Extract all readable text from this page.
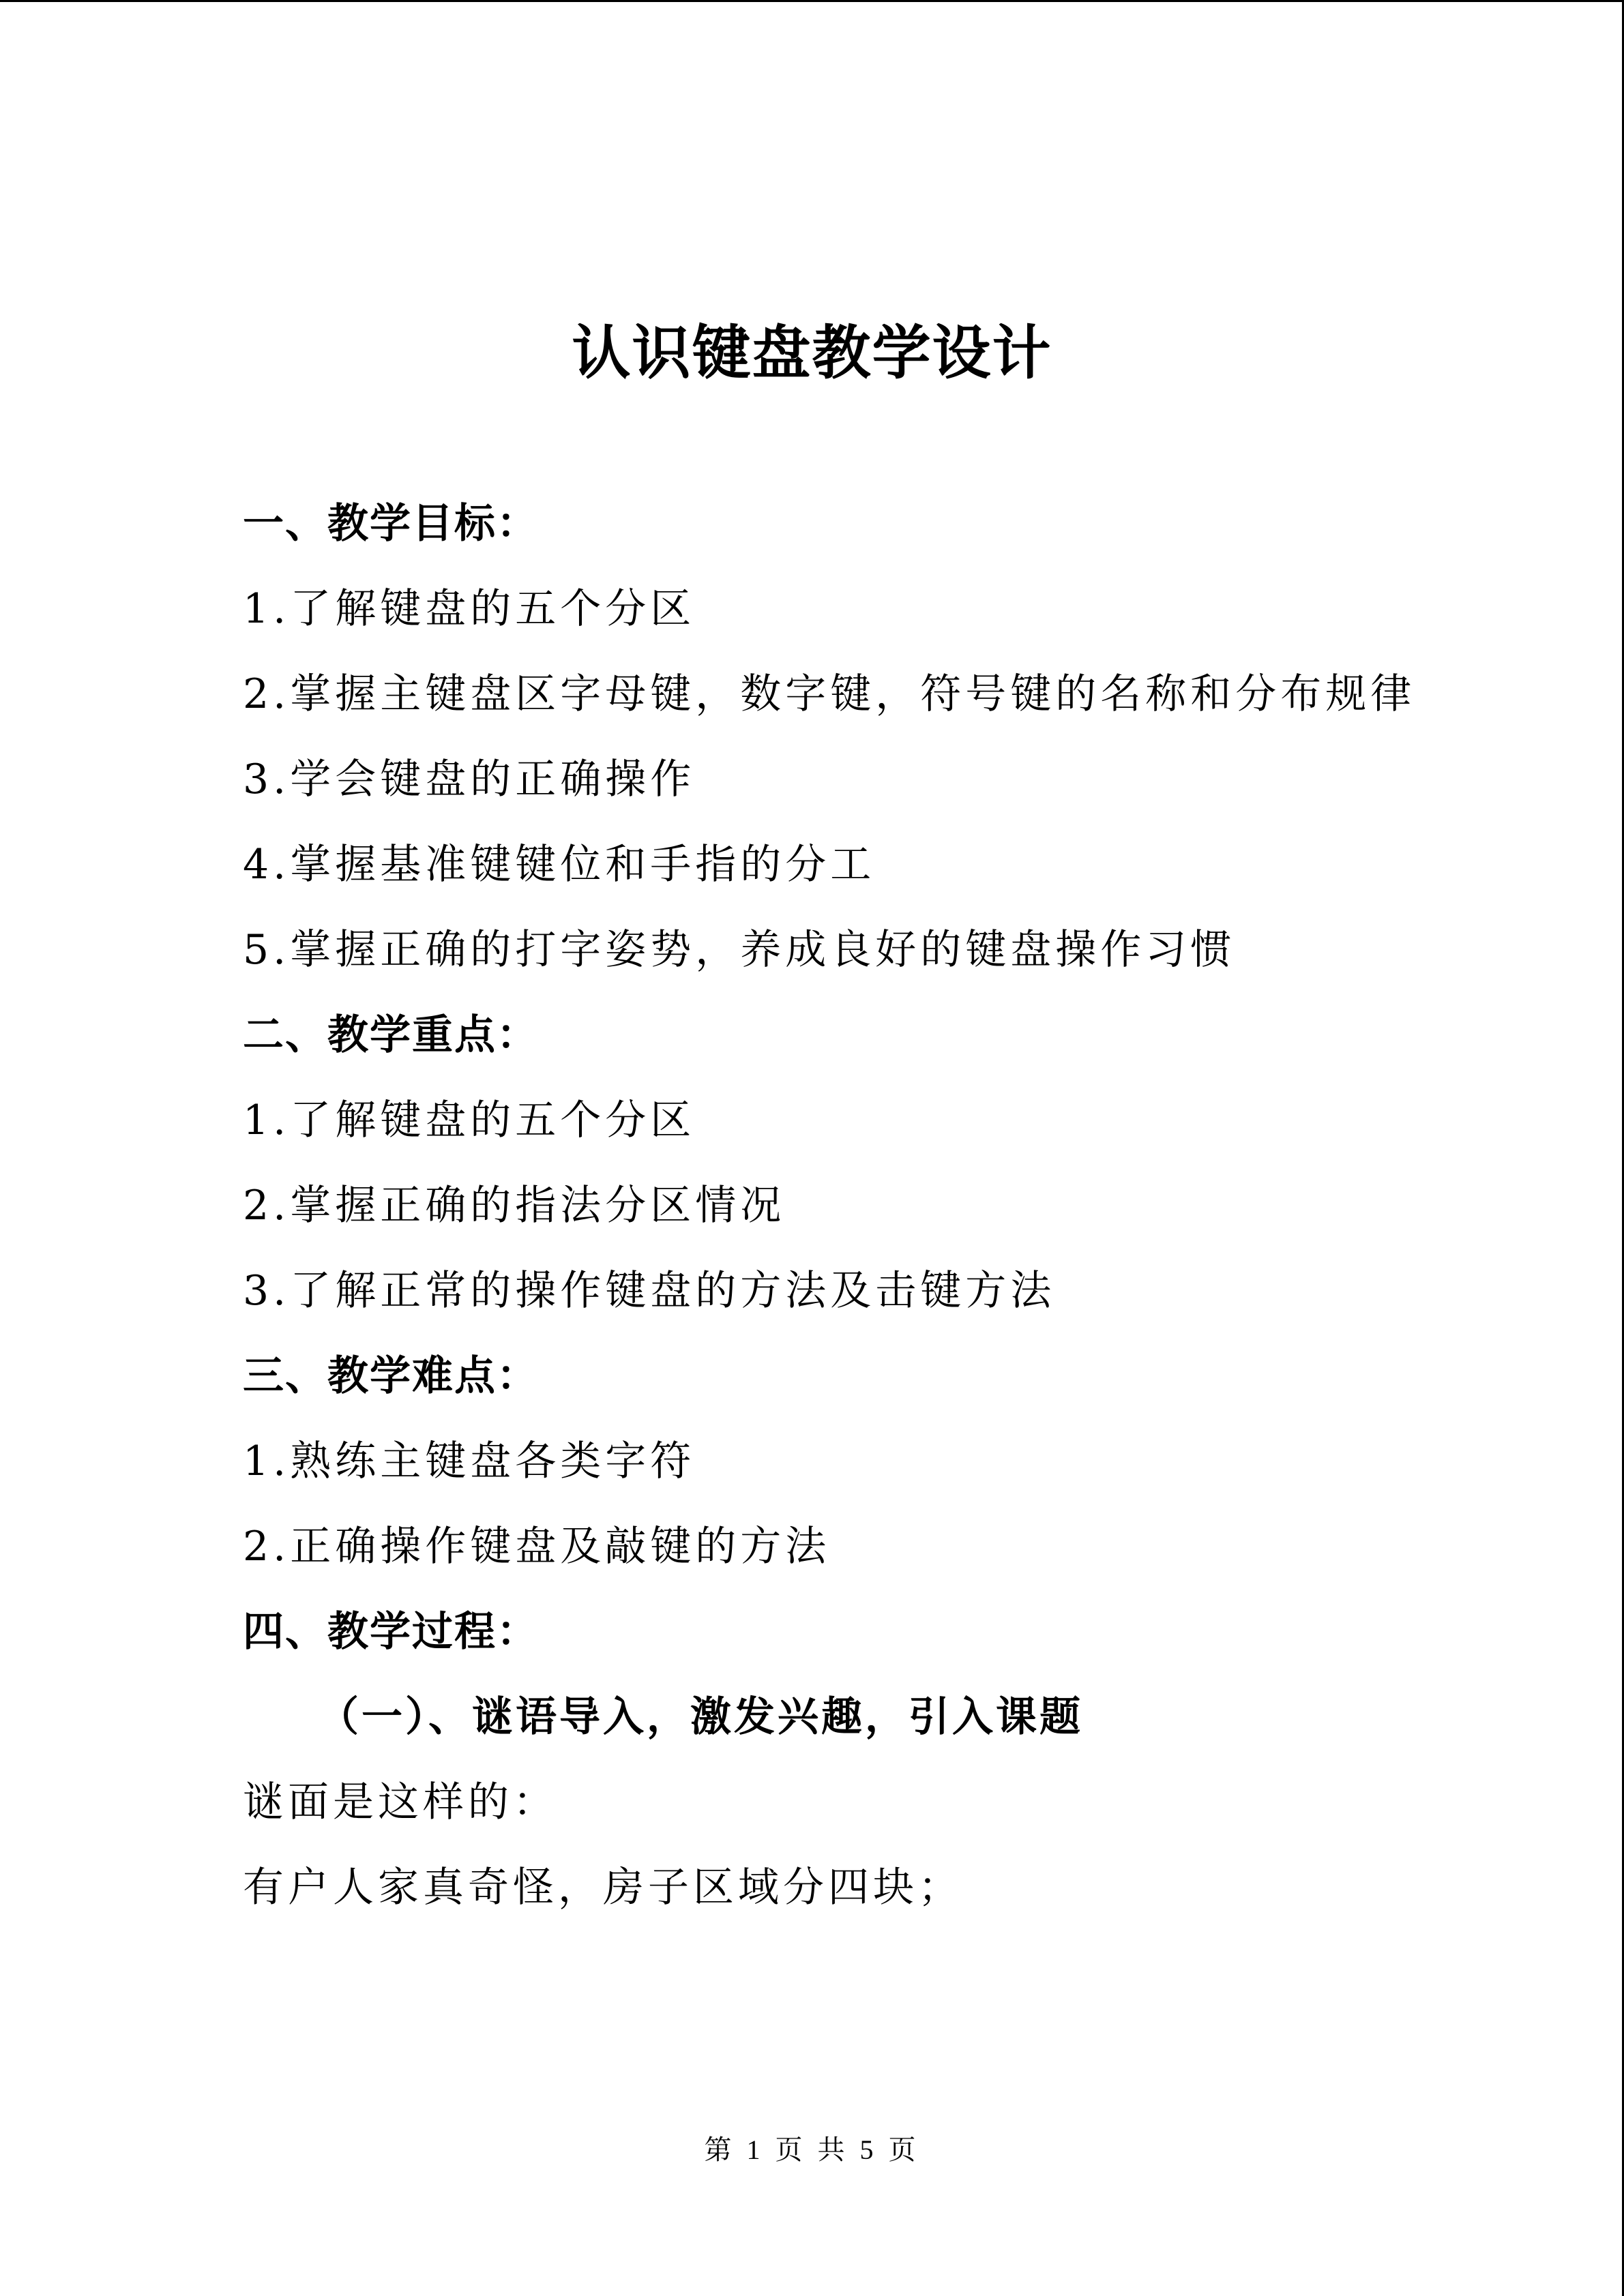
认识键盘教学设计
一、教学目标：
1.了解键盘的五个分区
2.掌握主键盘区字母键，数字键，符号键的名称和分布规律
3.学会键盘的正确操作
4.掌握基准键键位和手指的分工
5.掌握正确的打字姿势，养成良好的键盘操作习惯
二、教学重点：
1.了解键盘的五个分区
2.掌握正确的指法分区情况
3.了解正常的操作键盘的方法及击键方法
三、教学难点：
1.熟练主键盘各类字符
2.正确操作键盘及敲键的方法
四、教学过程：
（一）、谜语导入，激发兴趣，引入课题
谜面是这样的：
有户人家真奇怪，房子区域分四块；
第 1 页 共 5 页
